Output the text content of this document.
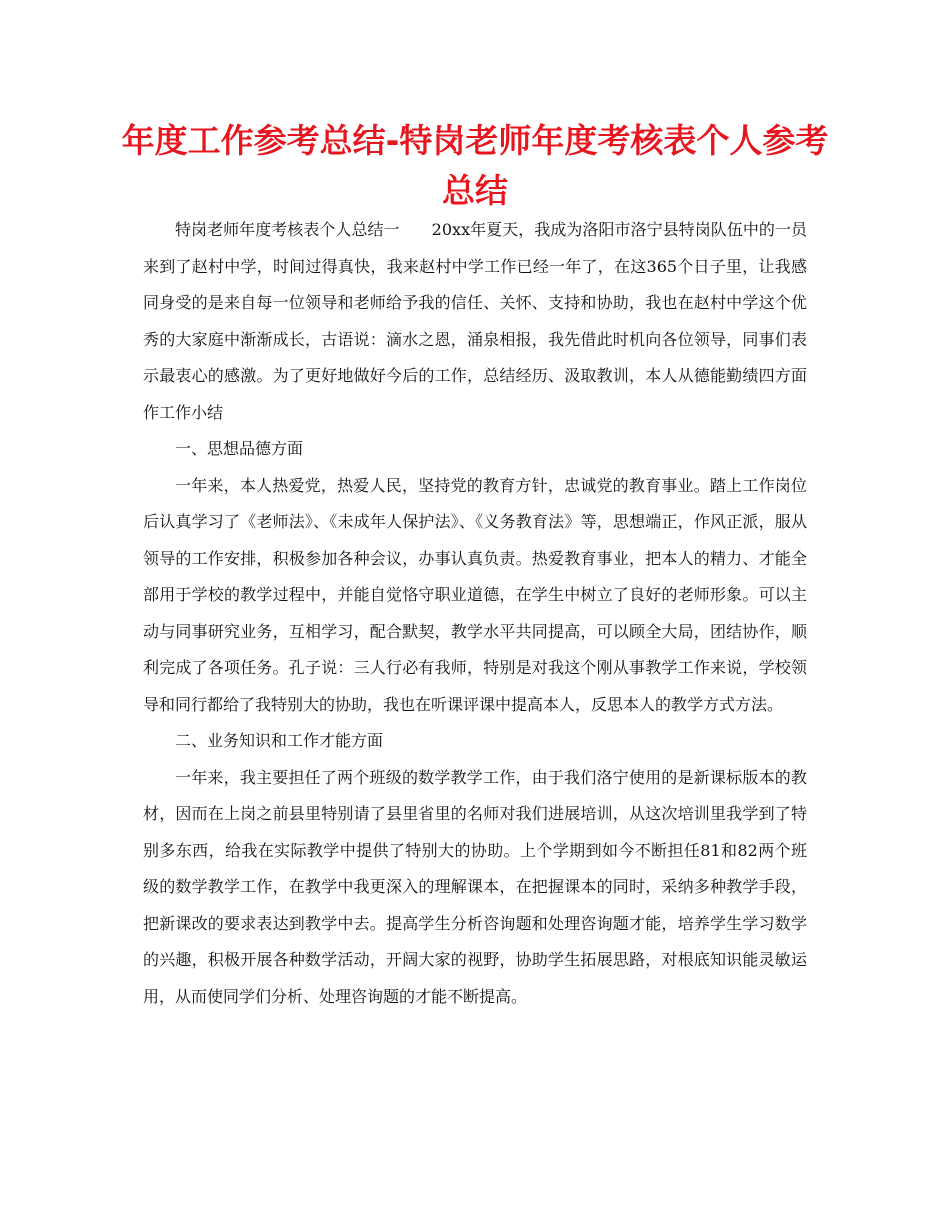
年度工作参考总结-特岗老师年度考核表个人参考总结

特岗老师年度考核表个人总结一　　20xx年夏天，我成为洛阳市洛宁县特岗队伍中的一员来到了赵村中学，时间过得真快，我来赵村中学工作已经一年了，在这365个日子里，让我感同身受的是来自每一位领导和老师给予我的信任、关怀、支持和协助，我也在赵村中学这个优秀的大家庭中渐渐成长，古语说：滴水之恩，涌泉相报，我先借此时机向各位领导，同事们表示最衷心的感激。为了更好地做好今后的工作，总结经历、汲取教训，本人从德能勤绩四方面作工作小结

一、思想品德方面

一年来，本人热爱党，热爱人民，坚持党的教育方针，忠诚党的教育事业。踏上工作岗位后认真学习了《老师法》、《未成年人保护法》、《义务教育法》等，思想端正，作风正派，服从领导的工作安排，积极参加各种会议，办事认真负责。热爱教育事业，把本人的精力、才能全部用于学校的教学过程中，并能自觉恪守职业道德，在学生中树立了良好的老师形象。可以主动与同事研究业务，互相学习，配合默契，教学水平共同提高，可以顾全大局，团结协作，顺利完成了各项任务。孔子说：三人行必有我师，特别是对我这个刚从事教学工作来说，学校领导和同行都给了我特别大的协助，我也在听课评课中提高本人，反思本人的教学方式方法。

二、业务知识和工作才能方面

一年来，我主要担任了两个班级的数学教学工作，由于我们洛宁使用的是新课标版本的教材，因而在上岗之前县里特别请了县里省里的名师对我们进展培训，从这次培训里我学到了特别多东西，给我在实际教学中提供了特别大的协助。上个学期到如今不断担任81和82两个班级的数学教学工作，在教学中我更深入的理解课本，在把握课本的同时，采纳多种教学手段，把新课改的要求表达到教学中去。提高学生分析咨询题和处理咨询题才能，培养学生学习数学的兴趣，积极开展各种数学活动，开阔大家的视野，协助学生拓展思路，对根底知识能灵敏运用，从而使同学们分析、处理咨询题的才能不断提高。
